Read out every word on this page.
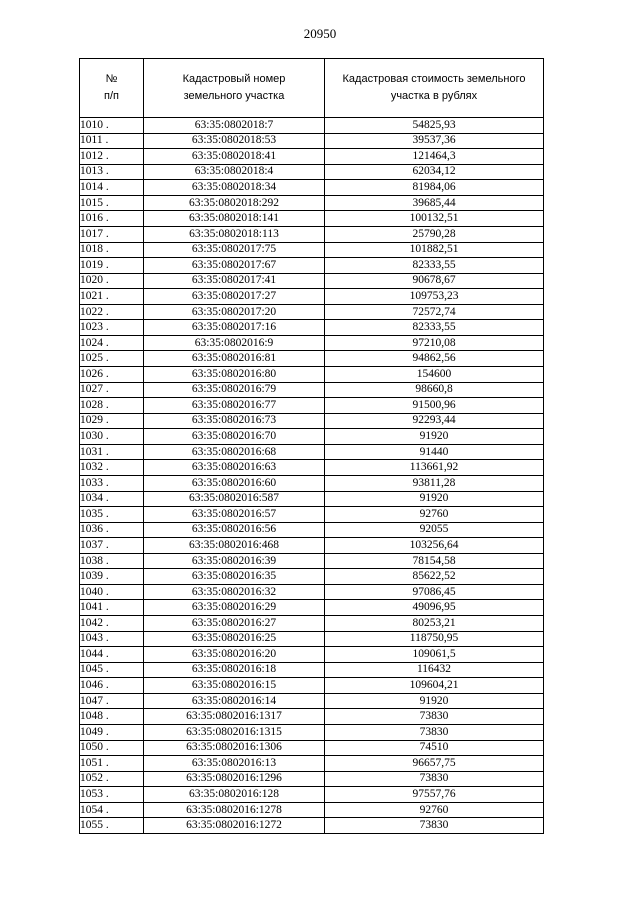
20950
№
п/п	Кадастровый номер земельного участка	Кадастровая стоимость земельного участка в рублях
1010 .	63:35:0802018:7	54825,93
1011 .	63:35:0802018:53	39537,36
1012 .	63:35:0802018:41	121464,3
1013 .	63:35:0802018:4	62034,12
1014 .	63:35:0802018:34	81984,06
1015 .	63:35:0802018:292	39685,44
1016 .	63:35:0802018:141	100132,51
1017 .	63:35:0802018:113	25790,28
1018 .	63:35:0802017:75	101882,51
1019 .	63:35:0802017:67	82333,55
1020 .	63:35:0802017:41	90678,67
1021 .	63:35:0802017:27	109753,23
1022 .	63:35:0802017:20	72572,74
1023 .	63:35:0802017:16	82333,55
1024 .	63:35:0802016:9	97210,08
1025 .	63:35:0802016:81	94862,56
1026 .	63:35:0802016:80	154600
1027 .	63:35:0802016:79	98660,8
1028 .	63:35:0802016:77	91500,96
1029 .	63:35:0802016:73	92293,44
1030 .	63:35:0802016:70	91920
1031 .	63:35:0802016:68	91440
1032 .	63:35:0802016:63	113661,92
1033 .	63:35:0802016:60	93811,28
1034 .	63:35:0802016:587	91920
1035 .	63:35:0802016:57	92760
1036 .	63:35:0802016:56	92055
1037 .	63:35:0802016:468	103256,64
1038 .	63:35:0802016:39	78154,58
1039 .	63:35:0802016:35	85622,52
1040 .	63:35:0802016:32	97086,45
1041 .	63:35:0802016:29	49096,95
1042 .	63:35:0802016:27	80253,21
1043 .	63:35:0802016:25	118750,95
1044 .	63:35:0802016:20	109061,5
1045 .	63:35:0802016:18	116432
1046 .	63:35:0802016:15	109604,21
1047 .	63:35:0802016:14	91920
1048 .	63:35:0802016:1317	73830
1049 .	63:35:0802016:1315	73830
1050 .	63:35:0802016:1306	74510
1051 .	63:35:0802016:13	96657,75
1052 .	63:35:0802016:1296	73830
1053 .	63:35:0802016:128	97557,76
1054 .	63:35:0802016:1278	92760
1055 .	63:35:0802016:1272	73830
